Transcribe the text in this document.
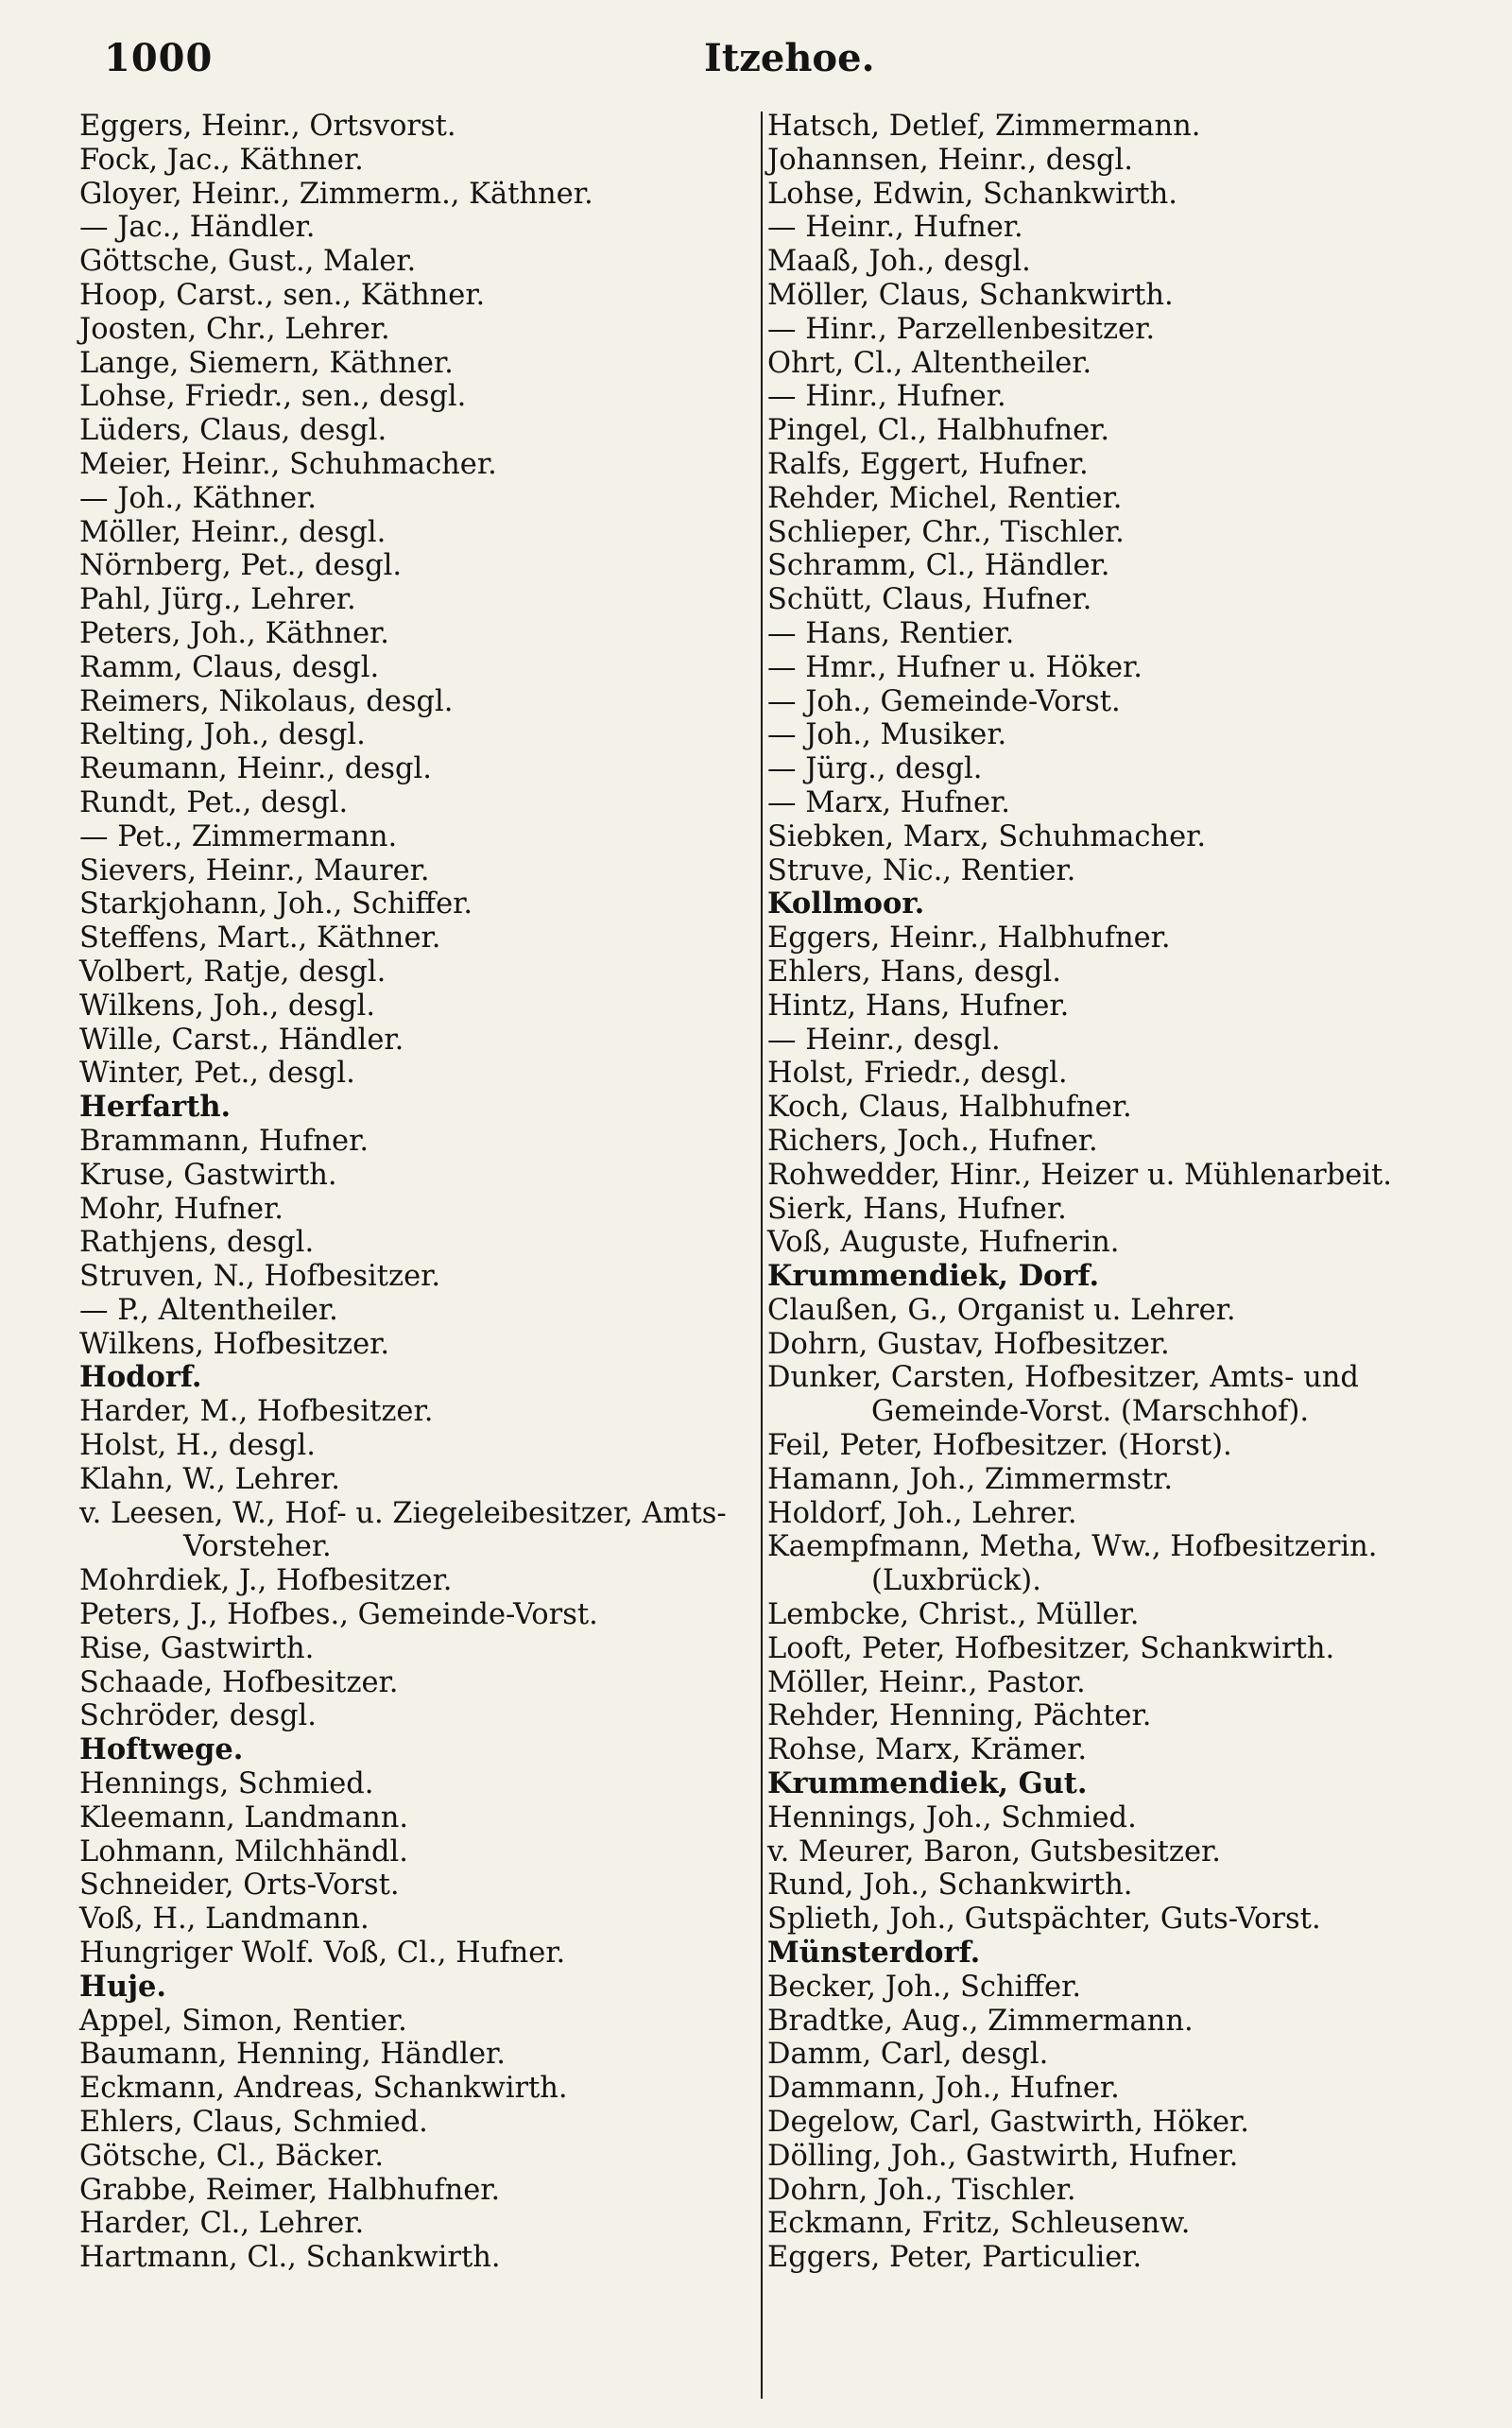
1000	Itzehoe.
Eggers, Heinr., Ortsvorst.
Fock, Jac., Käthner.
Gloyer, Heinr., Zimmerm., Käthner.
— Jac., Händler.
Göttsche, Gust., Maler.
Hoop, Carst., sen., Käthner.
Joosten, Chr., Lehrer.
Lange, Siemern, Käthner.
Lohse, Friedr., sen., desgl.
Lüders, Claus, desgl.
Meier, Heinr., Schuhmacher.
— Joh., Käthner.
Möller, Heinr., desgl.
Nörnberg, Pet., desgl.
Pahl, Jürg., Lehrer.
Peters, Joh., Käthner.
Ramm, Claus, desgl.
Reimers, Nikolaus, desgl.
Relting, Joh., desgl.
Reumann, Heinr., desgl.
Rundt, Pet., desgl.
— Pet., Zimmermann.
Sievers, Heinr., Maurer.
Starkjohann, Joh., Schiffer.
Steffens, Mart., Käthner.
Volbert, Ratje, desgl.
Wilkens, Joh., desgl.
Wille, Carst., Händler.
Winter, Pet., desgl.
Herfarth.
Brammann, Hufner.
Kruse, Gastwirth.
Mohr, Hufner.
Rathjens, desgl.
Struven, N., Hofbesitzer.
— P., Altentheiler.
Wilkens, Hofbesitzer.
Hodorf.
Harder, M., Hofbesitzer.
Holst, H., desgl.
Klahn, W., Lehrer.
v. Leesen, W., Hof- u. Ziegeleibesitzer, Amts-
Vorsteher.
Mohrdiek, J., Hofbesitzer.
Peters, J., Hofbes., Gemeinde-Vorst.
Rise, Gastwirth.
Schaade, Hofbesitzer.
Schröder, desgl.
Hoftwege.
Hennings, Schmied.
Kleemann, Landmann.
Lohmann, Milchhändl.
Schneider, Orts-Vorst.
Voß, H., Landmann.
Hungriger Wolf. Voß, Cl., Hufner.
Huje.
Appel, Simon, Rentier.
Baumann, Henning, Händler.
Eckmann, Andreas, Schankwirth.
Ehlers, Claus, Schmied.
Götsche, Cl., Bäcker.
Grabbe, Reimer, Halbhufner.
Harder, Cl., Lehrer.
Hartmann, Cl., Schankwirth.
Hatsch, Detlef, Zimmermann.
Johannsen, Heinr., desgl.
Lohse, Edwin, Schankwirth.
— Heinr., Hufner.
Maaß, Joh., desgl.
Möller, Claus, Schankwirth.
— Hinr., Parzellenbesitzer.
Ohrt, Cl., Altentheiler.
— Hinr., Hufner.
Pingel, Cl., Halbhufner.
Ralfs, Eggert, Hufner.
Rehder, Michel, Rentier.
Schlieper, Chr., Tischler.
Schramm, Cl., Händler.
Schütt, Claus, Hufner.
— Hans, Rentier.
— Hmr., Hufner u. Höker.
— Joh., Gemeinde-Vorst.
— Joh., Musiker.
— Jürg., desgl.
— Marx, Hufner.
Siebken, Marx, Schuhmacher.
Struve, Nic., Rentier.
Kollmoor.
Eggers, Heinr., Halbhufner.
Ehlers, Hans, desgl.
Hintz, Hans, Hufner.
— Heinr., desgl.
Holst, Friedr., desgl.
Koch, Claus, Halbhufner.
Richers, Joch., Hufner.
Rohwedder, Hinr., Heizer u. Mühlenarbeit.
Sierk, Hans, Hufner.
Voß, Auguste, Hufnerin.
Krummendiek, Dorf.
Claußen, G., Organist u. Lehrer.
Dohrn, Gustav, Hofbesitzer.
Dunker, Carsten, Hofbesitzer, Amts- und
Gemeinde-Vorst. (Marschhof).
Feil, Peter, Hofbesitzer. (Horst).
Hamann, Joh., Zimmermstr.
Holdorf, Joh., Lehrer.
Kaempfmann, Metha, Ww., Hofbesitzerin.
(Luxbrück).
Lembcke, Christ., Müller.
Looft, Peter, Hofbesitzer, Schankwirth.
Möller, Heinr., Pastor.
Rehder, Henning, Pächter.
Rohse, Marx, Krämer.
Krummendiek, Gut.
Hennings, Joh., Schmied.
v. Meurer, Baron, Gutsbesitzer.
Rund, Joh., Schankwirth.
Splieth, Joh., Gutspächter, Guts-Vorst.
Münsterdorf.
Becker, Joh., Schiffer.
Bradtke, Aug., Zimmermann.
Damm, Carl, desgl.
Dammann, Joh., Hufner.
Degelow, Carl, Gastwirth, Höker.
Dölling, Joh., Gastwirth, Hufner.
Dohrn, Joh., Tischler.
Eckmann, Fritz, Schleusenw.
Eggers, Peter, Particulier.
